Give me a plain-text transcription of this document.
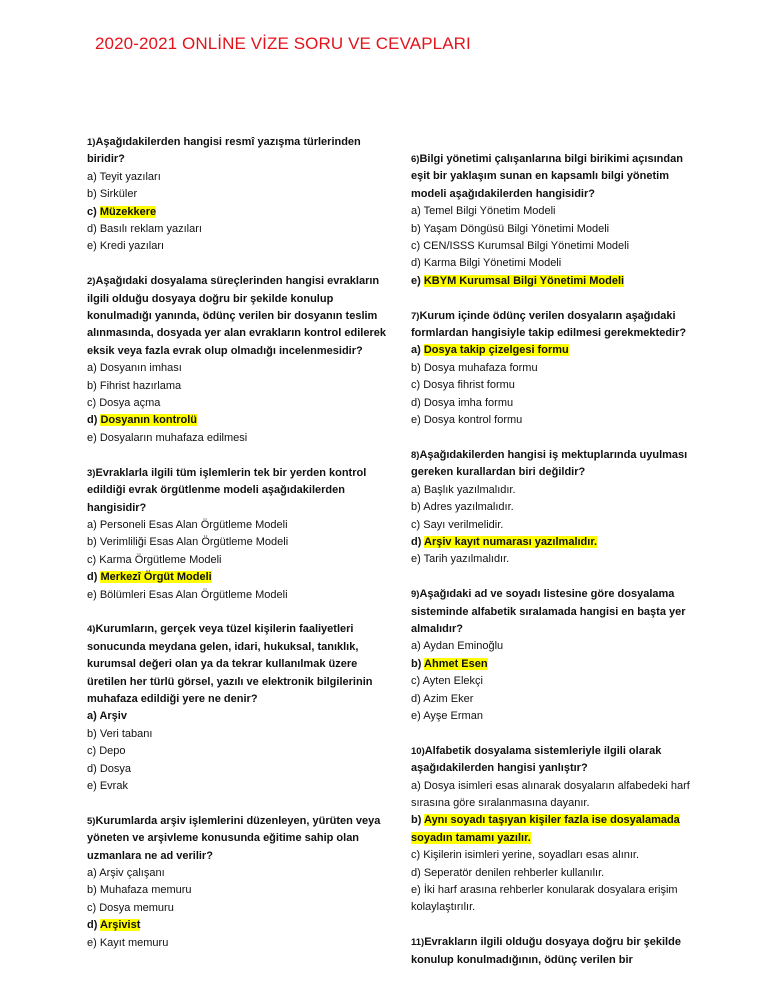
2020-2021 ONLİNE VİZE SORU VE CEVAPLARI
1)Aşağıdakilerden hangisi resmî yazışma türlerinden biridir?
a) Teyit yazıları
b) Sirküler
c) Müzekkere
d) Basılı reklam yazıları
e) Kredi yazıları
2)Aşağıdaki dosyalama süreçlerinden hangisi evrakların ilgili olduğu dosyaya doğru bir şekilde konulup konulmadığı yanında, ödünç verilen bir dosyanın teslim alınmasında, dosyada yer alan evrakların kontrol edilerek eksik veya fazla evrak olup olmadığı incelenmesidir?
a) Dosyanın imhası
b) Fihrist hazırlama
c) Dosya açma
d) Dosyanın kontrolü
e) Dosyaların muhafaza edilmesi
3)Evraklarla ilgili tüm işlemlerin tek bir yerden kontrol edildiği evrak örgütlenme modeli aşağıdakilerden hangisidir?
a) Personeli Esas Alan Örgütleme Modeli
b) Verimliliği Esas Alan Örgütleme Modeli
c) Karma Örgütleme Modeli
d) Merkezî Örgüt Modeli
e) Bölümleri Esas Alan Örgütleme Modeli
4)Kurumların, gerçek veya tüzel kişilerin faaliyetleri sonucunda meydana gelen, idari, hukuksal, tanıklık, kurumsal değeri olan ya da tekrar kullanılmak üzere üretilen her türlü görsel, yazılı ve elektronik bilgilerinin muhafaza edildiği yere ne denir?
a) Arşiv
b) Veri tabanı
c) Depo
d) Dosya
e) Evrak
5)Kurumlarda arşiv işlemlerini düzenleyen, yürüten veya yöneten ve arşivleme konusunda eğitime sahip olan uzmanlara ne ad verilir?
a) Arşiv çalışanı
b) Muhafaza memuru
c) Dosya memuru
d) Arşivist
e) Kayıt memuru
6)Bilgi yönetimi çalışanlarına bilgi birikimi açısından eşit bir yaklaşım sunan en kapsamlı bilgi yönetim modeli aşağıdakilerden hangisidir?
a) Temel Bilgi Yönetim Modeli
b) Yaşam Döngüsü Bilgi Yönetimi Modeli
c) CEN/ISSS Kurumsal Bilgi Yönetimi Modeli
d) Karma Bilgi Yönetimi Modeli
e) KBYM Kurumsal Bilgi Yönetimi Modeli
7)Kurum içinde ödünç verilen dosyaların aşağıdaki formlardan hangisiyle takip edilmesi gerekmektedir?
a) Dosya takip çizelgesi formu
b) Dosya muhafaza formu
c) Dosya fihrist formu
d) Dosya imha formu
e) Dosya kontrol formu
8)Aşağıdakilerden hangisi iş mektuplarında uyulması gereken kurallardan biri değildir?
a) Başlık yazılmalıdır.
b) Adres yazılmalıdır.
c) Sayı verilmelidir.
d) Arşiv kayıt numarası yazılmalıdır.
e) Tarih yazılmalıdır.
9)Aşağıdaki ad ve soyadı listesine göre dosyalama sisteminde alfabetik sıralamada hangisi en başta yer almalıdır?
a) Aydan Eminoğlu
b) Ahmet Esen
c) Ayten Elekçi
d) Azim Eker
e) Ayşe Erman
10)Alfabetik dosyalama sistemleriyle ilgili olarak aşağıdakilerden hangisi yanlıştır?
a) Dosya isimleri esas alınarak dosyaların alfabedeki harf sırasına göre sıralanmasına dayanır.
b) Aynı soyadı taşıyan kişiler fazla ise dosyalamada soyadın tamamı yazılır.
c) Kişilerin isimleri yerine, soyadları esas alınır.
d) Seperatör denilen rehberler kullanılır.
e) İki harf arasına rehberler konularak dosyalara erişim kolaylaştırılır.
11)Evrakların ilgili olduğu dosyaya doğru bir şekilde konulup konulmadığının, ödünç verilen bir
